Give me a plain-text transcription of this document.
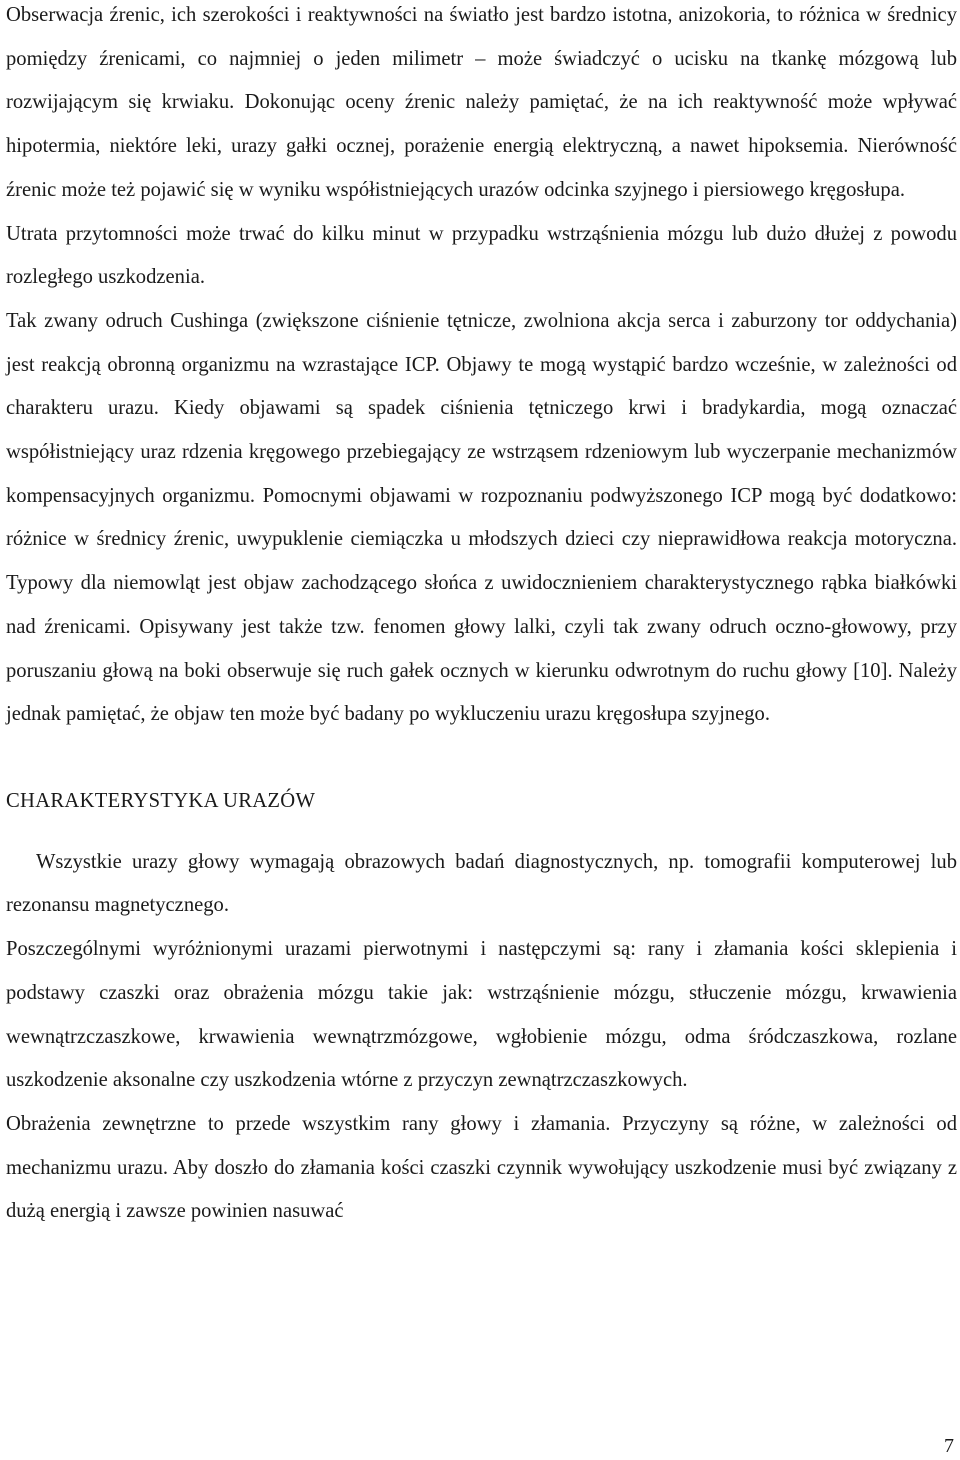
Obserwacja źrenic, ich szerokości i reaktywności na światło jest bardzo istotna, anizokoria, to różnica w średnicy pomiędzy źrenicami, co najmniej o jeden milimetr – może świadczyć o ucisku na tkankę mózgową lub rozwijającym się krwiaku. Dokonując oceny źrenic należy pamiętać, że na ich reaktywność może wpływać hipotermia, niektóre leki, urazy gałki ocznej, porażenie energią elektryczną, a nawet hipoksemia. Nierówność źrenic może też pojawić się w wyniku współistniejących urazów odcinka szyjnego i piersiowego kręgosłupa.

Utrata przytomności może trwać do kilku minut w przypadku wstrząśnienia mózgu lub dużo dłużej z powodu rozległego uszkodzenia.

Tak zwany odruch Cushinga (zwiększone ciśnienie tętnicze, zwolniona akcja serca i zaburzony tor oddychania) jest reakcją obronną organizmu na wzrastające ICP. Objawy te mogą wystąpić bardzo wcześnie, w zależności od charakteru urazu. Kiedy objawami są spadek ciśnienia tętniczego krwi i bradykardia, mogą oznaczać współistniejący uraz rdzenia kręgowego przebiegający ze wstrząsem rdzeniowym lub wyczerpanie mechanizmów kompensacyjnych organizmu. Pomocnymi objawami w rozpoznaniu podwyższonego ICP mogą być dodatkowo: różnice w średnicy źrenic, uwypuklenie ciemiączka u młodszych dzieci czy nieprawidłowa reakcja motoryczna. Typowy dla niemowląt jest objaw zachodzącego słońca z uwidocznieniem charakterystycznego rąbka białkówki nad źrenicami. Opisywany jest także tzw. fenomen głowy lalki, czyli tak zwany odruch oczno-głowowy, przy poruszaniu głową na boki obserwuje się ruch gałek ocznych w kierunku odwrotnym do ruchu głowy [10]. Należy jednak pamiętać, że objaw ten może być badany po wykluczeniu urazu kręgosłupa szyjnego.

CHARAKTERYSTYKA URAZÓW

Wszystkie urazy głowy wymagają obrazowych badań diagnostycznych, np. tomografii komputerowej lub rezonansu magnetycznego.

Poszczególnymi wyróżnionymi urazami pierwotnymi i następczymi są: rany i złamania kości sklepienia i podstawy czaszki oraz obrażenia mózgu takie jak: wstrząśnienie mózgu, stłuczenie mózgu, krwawienia wewnątrzczaszkowe, krwawienia wewnątrzmózgowe, wgłobienie mózgu, odma śródczaszkowa, rozlane uszkodzenie aksonalne czy uszkodzenia wtórne z przyczyn zewnątrzczaszkowych.

Obrażenia zewnętrzne to przede wszystkim rany głowy i złamania. Przyczyny są różne, w zależności od mechanizmu urazu. Aby doszło do złamania kości czaszki czynnik wywołujący uszkodzenie musi być związany z dużą energią i zawsze powinien nasuwać

7
